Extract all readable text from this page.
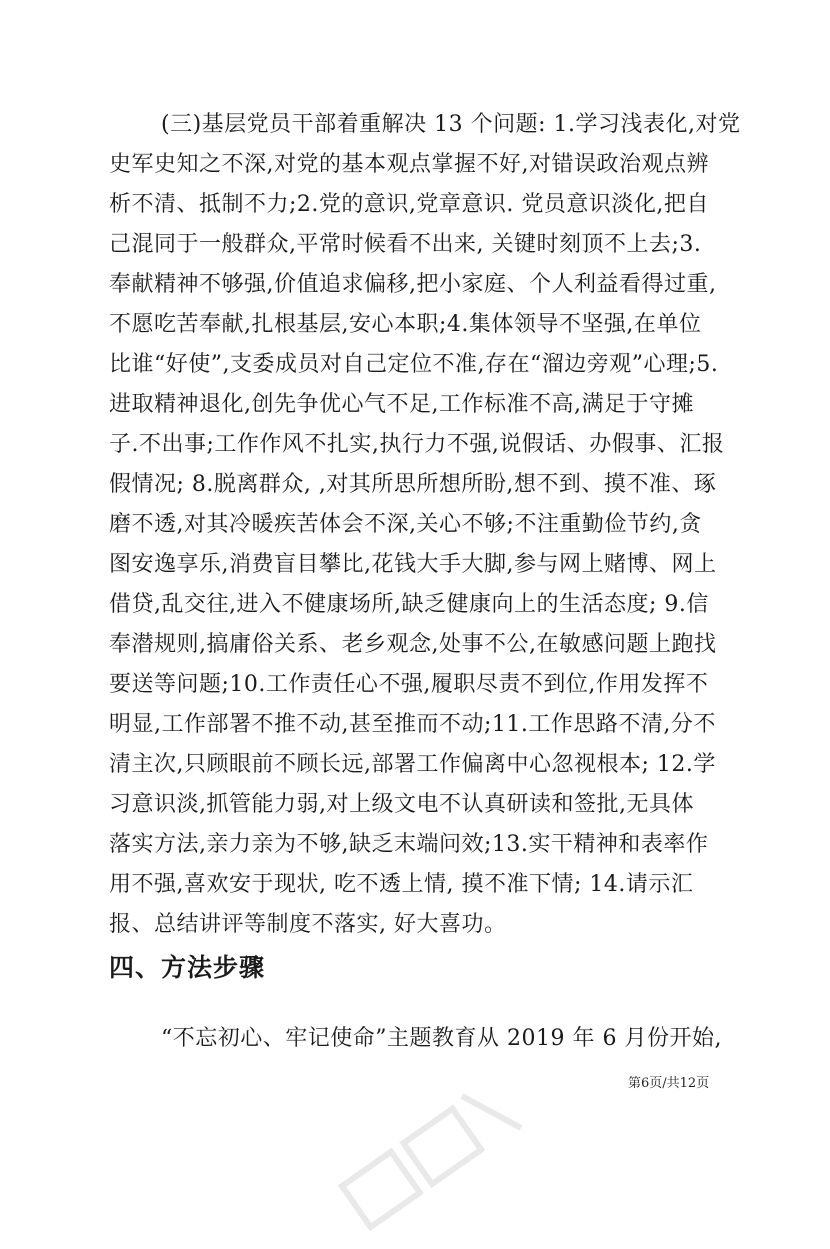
(三)基层党员干部着重解决 13 个问题: 1.学习浅表化,对党
史军史知之不深,对党的基本观点掌握不好,对错误政治观点辨
析不清、抵制不力;2.党的意识,党章意识. 党员意识淡化,把自
己混同于一般群众,平常时候看不出来, 关键时刻顶不上去;3.
奉献精神不够强,价值追求偏移,把小家庭、个人利益看得过重,
不愿吃苦奉献,扎根基层,安心本职;4.集体领导不坚强,在单位
比谁“好使”,支委成员对自己定位不准,存在“溜边旁观”心理;5.
进取精神退化,创先争优心气不足,工作标准不高,满足于守摊
子.不出事;工作作风不扎实,执行力不强,说假话、办假事、汇报
假情况; 8.脱离群众, ,对其所思所想所盼,想不到、摸不准、琢
磨不透,对其冷暖疾苦体会不深,关心不够;不注重勤俭节约,贪
图安逸享乐,消费盲目攀比,花钱大手大脚,参与网上赌博、网上
借贷,乱交往,进入不健康场所,缺乏健康向上的生活态度; 9.信
奉潜规则,搞庸俗关系、老乡观念,处事不公,在敏感问题上跑找
要送等问题;10.工作责任心不强,履职尽责不到位,作用发挥不
明显,工作部署不推不动,甚至推而不动;11.工作思路不清,分不
清主次,只顾眼前不顾长远,部署工作偏离中心忽视根本; 12.学
习意识淡,抓管能力弱,对上级文电不认真研读和签批,无具体
落实方法,亲力亲为不够,缺乏末端问效;13.实干精神和表率作
用不强,喜欢安于现状, 吃不透上情, 摸不准下情; 14.请示汇
报、总结讲评等制度不落实, 好大喜功。
四、方法步骤
“不忘初心、牢记使命”主题教育从 2019 年 6 月份开始,
第6页/共12页
